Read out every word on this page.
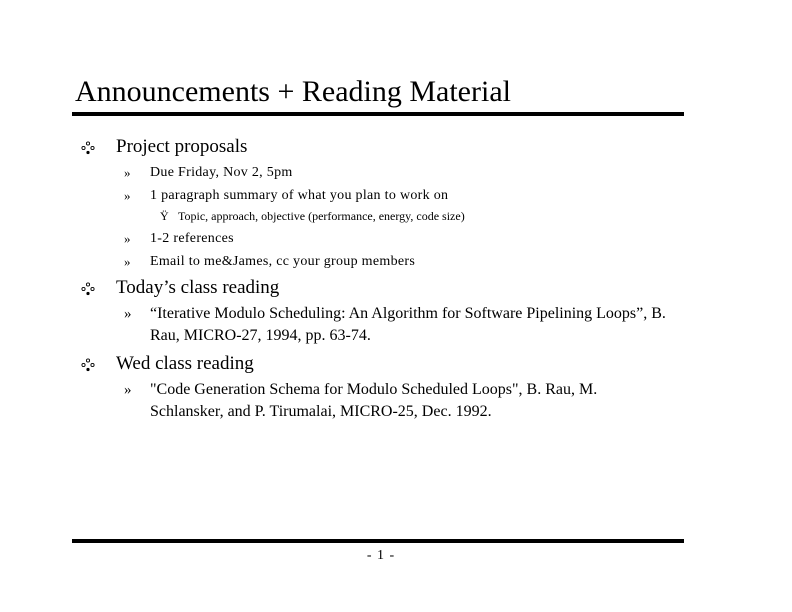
Announcements + Reading Material
Project proposals
» Due Friday, Nov 2, 5pm
» 1 paragraph summary of what you plan to work on
Ÿ Topic, approach, objective (performance, energy, code size)
» 1-2 references
» Email to me&James, cc your group members
Today’s class reading
» “Iterative Modulo Scheduling: An Algorithm for Software Pipelining Loops”, B. Rau, MICRO-27, 1994, pp. 63-74.
Wed class reading
» "Code Generation Schema for Modulo Scheduled Loops", B. Rau, M. Schlansker, and P. Tirumalai, MICRO-25, Dec. 1992.
- 1 -
